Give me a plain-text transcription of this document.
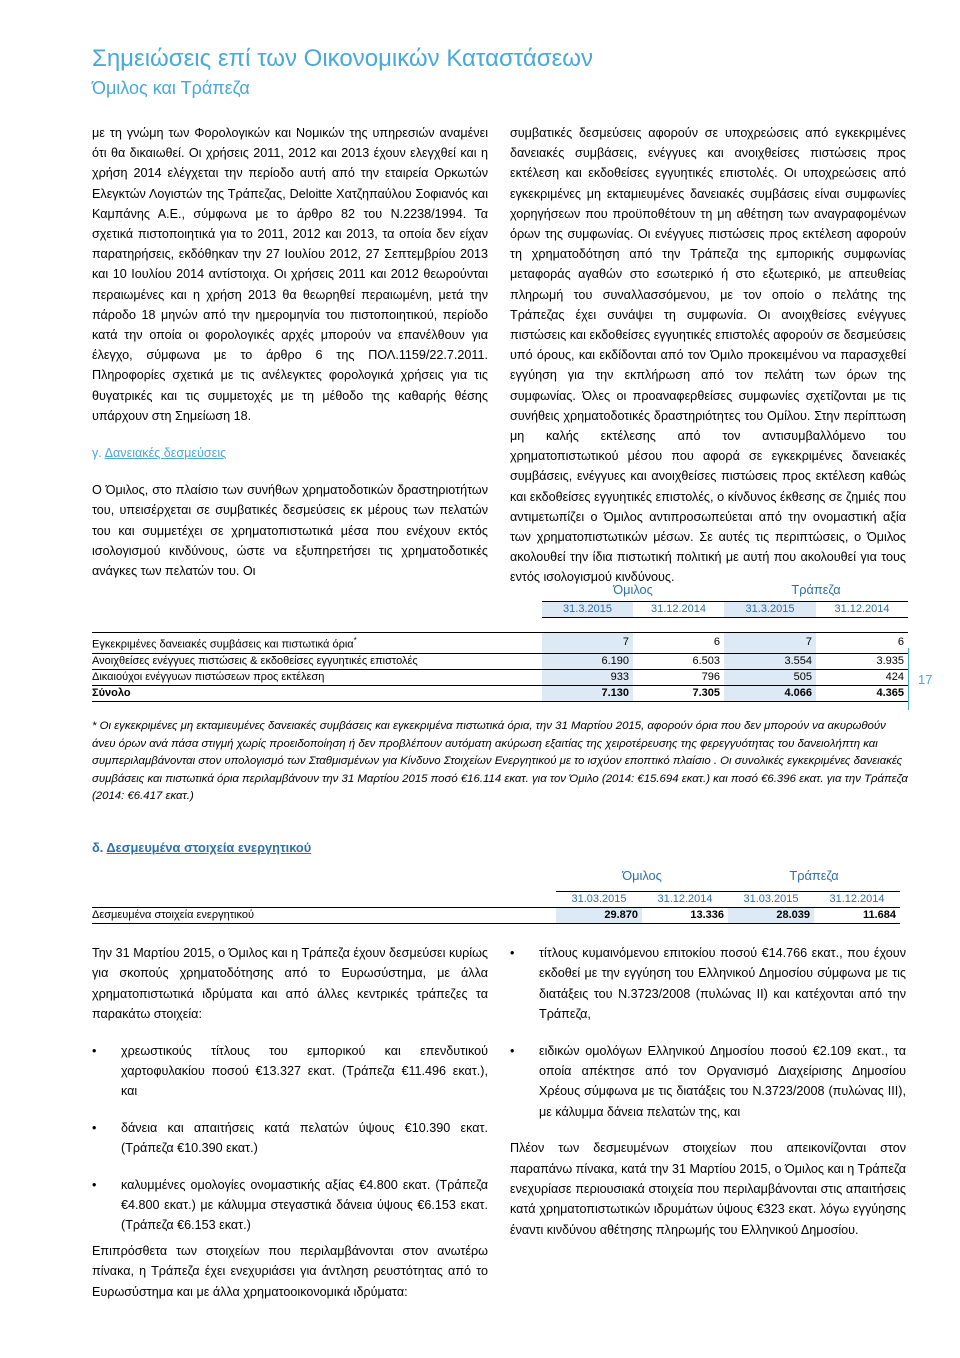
Σημειώσεις επί των Οικονομικών Καταστάσεων
Όμιλος και Τράπεζα

με τη γνώμη των Φορολογικών και Νομικών της υπηρεσιών αναμένει ότι θα δικαιωθεί. Οι χρήσεις 2011, 2012 και 2013 έχουν ελεγχθεί και η χρήση 2014 ελέγχεται την περίοδο αυτή από την εταιρεία Ορκωτών Ελεγκτών Λογιστών της Τράπεζας, Deloitte Χατζηπαύλου Σοφιανός και Καμπάνης Α.Ε., σύμφωνα με το άρθρο 82 του Ν.2238/1994. Τα σχετικά πιστοποιητικά για το 2011, 2012 και 2013, τα οποία δεν είχαν παρατηρήσεις, εκδόθηκαν την 27 Ιουλίου 2012, 27 Σεπτεμβρίου 2013 και 10 Ιουλίου 2014 αντίστοιχα. Οι χρήσεις 2011 και 2012 θεωρούνται περαιωμένες και η χρήση 2013 θα θεωρηθεί περαιωμένη, μετά την πάροδο 18 μηνών από την ημερομηνία του πιστοποιητικού, περίοδο κατά την οποία οι φορολογικές αρχές μπορούν να επανέλθουν για έλεγχο, σύμφωνα με το άρθρο 6 της ΠΟΛ.1159/22.7.2011. Πληροφορίες σχετικά με τις ανέλεγκτες φορολογικά χρήσεις για τις θυγατρικές και τις συμμετοχές με τη μέθοδο της καθαρής θέσης υπάρχουν στη Σημείωση 18.

γ. Δανειακές δεσμεύσεις

Ο Όμιλος, στο πλαίσιο των συνήθων χρηματοδοτικών δραστηριοτήτων του, υπεισέρχεται σε συμβατικές δεσμεύσεις εκ μέρους των πελατών του και συμμετέχει σε χρηματοπιστωτικά μέσα που ενέχουν εκτός ισολογισμού κινδύνους, ώστε να εξυπηρετήσει τις χρηματοδοτικές ανάγκες των πελατών του. Οι

συμβατικές δεσμεύσεις αφορούν σε υποχρεώσεις από εγκεκριμένες δανειακές συμβάσεις, ενέγγυες και ανοιχθείσες πιστώσεις προς εκτέλεση και εκδοθείσες εγγυητικές επιστολές. Οι υποχρεώσεις από εγκεκριμένες μη εκταμιευμένες δανειακές συμβάσεις είναι συμφωνίες χορηγήσεων που προϋποθέτουν τη μη αθέτηση των αναγραφομένων όρων της συμφωνίας. Οι ενέγγυες πιστώσεις προς εκτέλεση αφορούν τη χρηματοδότηση από την Τράπεζα της εμπορικής συμφωνίας μεταφοράς αγαθών στο εσωτερικό ή στο εξωτερικό, με απευθείας πληρωμή του συναλλασσόμενου, με τον οποίο ο πελάτης της Τράπεζας έχει συνάψει τη συμφωνία. Οι ανοιχθείσες ενέγγυες πιστώσεις και εκδοθείσες εγγυητικές επιστολές αφορούν σε δεσμεύσεις υπό όρους, και εκδίδονται από τον Όμιλο προκειμένου να παρασχεθεί εγγύηση για την εκπλήρωση από τον πελάτη των όρων της συμφωνίας. Όλες οι προαναφερθείσες συμφωνίες σχετίζονται με τις συνήθεις χρηματοδοτικές δραστηριότητες του Ομίλου. Στην περίπτωση μη καλής εκτέλεσης από τον αντισυμβαλλόμενο του χρηματοπιστωτικού μέσου που αφορά σε εγκεκριμένες δανειακές συμβάσεις, ενέγγυες και ανοιχθείσες πιστώσεις προς εκτέλεση καθώς και εκδοθείσες εγγυητικές επιστολές, ο κίνδυνος έκθεσης σε ζημιές που αντιμετωπίζει ο Όμιλος αντιπροσωπεύεται από την ονομαστική αξία των χρηματοπιστωτικών μέσων. Σε αυτές τις περιπτώσεις, ο Όμιλος ακολουθεί την ίδια πιστωτική πολιτική με αυτή που ακολουθεί για τους εντός ισολογισμού κινδύνους.

	Όμιλος		Τράπεζα	

	31.3.2015	31.12.2014	31.3.2015	31.12.2014

Εγκεκριμένες δανειακές συμβάσεις και πιστωτικά όρια*	7	6	7	6
Ανοιχθείσες ενέγγυες πιστώσεις & εκδοθείσες εγγυητικές επιστολές	6.190	6.503	3.554	3.935
Δικαιούχοι ενέγγυων πιστώσεων προς εκτέλεση	933	796	505	424
Σύνολο	7.130	7.305	4.066	4.365
17
* Οι εγκεκριμένες μη εκταμιευμένες δανειακές συμβάσεις και εγκεκριμένα πιστωτικά όρια, την 31 Μαρτίου 2015, αφορούν όρια που δεν μπορούν να ακυρωθούν άνευ όρων ανά πάσα στιγμή χωρίς προειδοποίηση ή δεν προβλέπουν αυτόματη ακύρωση εξαιτίας της χειροτέρευσης της φερεγγυότητας του δανειολήπτη και συμπεριλαμβάνονται στον υπολογισμό των Σταθμισμένων για Κίνδυνο Στοιχείων Ενεργητικού με το ισχύον εποπτικό πλαίσιο . Οι συνολικές εγκεκριμένες δανειακές συμβάσεις και πιστωτικά όρια περιλαμβάνουν την 31 Μαρτίου 2015 ποσό €16.114 εκατ. για τον Όμιλο (2014: €15.694 εκατ.) και ποσό €6.396 εκατ. για την Τράπεζα (2014: €6.417 εκατ.)
δ. Δεσμευμένα στοιχεία ενεργητικού
	Όμιλος		Τράπεζα	

	31.03.2015	31.12.2014	31.03.2015	31.12.2014
Δεσμευμένα στοιχεία ενεργητικού	29.870	13.336	28.039	11.684

Την 31 Μαρτίου 2015, ο Όμιλος και η Τράπεζα έχουν δεσμεύσει κυρίως για σκοπούς χρηματοδότησης από το Ευρωσύστημα, με άλλα χρηματοπιστωτικά ιδρύματα και από άλλες κεντρικές τράπεζες τα παρακάτω στοιχεία:

• χρεωστικούς τίτλους του εμπορικού και επενδυτικού χαρτοφυλακίου ποσού €13.327 εκατ. (Τράπεζα €11.496 εκατ.), και

• δάνεια και απαιτήσεις κατά πελατών ύψους €10.390 εκατ. (Τράπεζα €10.390 εκατ.)

• καλυμμένες ομολογίες ονομαστικής αξίας €4.800 εκατ. (Τράπεζα €4.800 εκατ.) με κάλυμμα στεγαστικά δάνεια ύψους €6.153 εκατ. (Τράπεζα €6.153 εκατ.)

Επιπρόσθετα των στοιχείων που περιλαμβάνονται στον ανωτέρω πίνακα, η Τράπεζα έχει ενεχυριάσει για άντληση ρευστότητας από το Ευρωσύστημα και με άλλα χρηματοοικονομικά ιδρύματα:

• τίτλους κυμαινόμενου επιτοκίου ποσού €14.766 εκατ., που έχουν εκδοθεί με την εγγύηση του Ελληνικού Δημοσίου σύμφωνα με τις διατάξεις του Ν.3723/2008 (πυλώνας ΙΙ) και κατέχονται από την Τράπεζα,

• ειδικών ομολόγων Ελληνικού Δημοσίου ποσού €2.109 εκατ., τα οποία απέκτησε από τον Οργανισμό Διαχείρισης Δημοσίου Χρέους σύμφωνα με τις διατάξεις του Ν.3723/2008 (πυλώνας ΙΙΙ), με κάλυμμα δάνεια πελατών της, και

Πλέον των δεσμευμένων στοιχείων που απεικονίζονται στον παραπάνω πίνακα, κατά την 31 Μαρτίου 2015, ο Όμιλος και η Τράπεζα ενεχυρίασε περιουσιακά στοιχεία που περιλαμβάνονται στις απαιτήσεις κατά χρηματοπιστωτικών ιδρυμάτων ύψους €323 εκατ. λόγω εγγύησης έναντι κινδύνου αθέτησης πληρωμής του Ελληνικού Δημοσίου.
